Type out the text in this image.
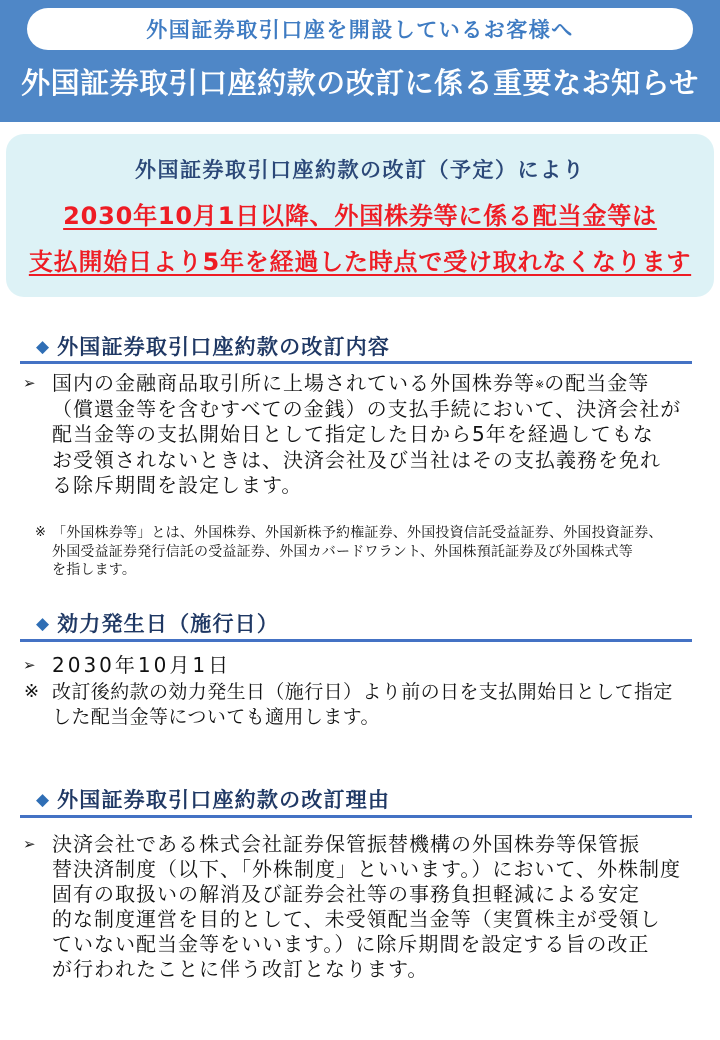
外国証券取引口座を開設しているお客様へ
外国証券取引口座約款の改訂に係る重要なお知らせ
外国証券取引口座約款の改訂（予定）により
2030年10月1日以降、外国株券等に係る配当金等は
支払開始日より5年を経過した時点で受け取れなくなります
◆ 外国証券取引口座約款の改訂内容
➢ 国内の金融商品取引所に上場されている外国株券等※の配当金等
（償還金等を含むすべての金銭）の支払手続において、決済会社が
配当金等の支払開始日として指定した日から5年を経過してもな
お受領されないときは、決済会社及び当社はその支払義務を免れ
る除斥期間を設定します。
※ 「外国株券等」とは、外国株券、外国新株予約権証券、外国投資信託受益証券、外国投資証券、
外国受益証券発行信託の受益証券、外国カバードワラント、外国株預託証券及び外国株式等
を指します。
◆ 効力発生日（施行日）
➢ 2030年10月1日
※ 改訂後約款の効力発生日（施行日）より前の日を支払開始日として指定
した配当金等についても適用します。
◆ 外国証券取引口座約款の改訂理由
➢ 決済会社である株式会社証券保管振替機構の外国株券等保管振
替決済制度（以下、「外株制度」といいます。）において、外株制度
固有の取扱いの解消及び証券会社等の事務負担軽減による安定
的な制度運営を目的として、未受領配当金等（実質株主が受領し
ていない配当金等をいいます。）に除斥期間を設定する旨の改正
が行われたことに伴う改訂となります。
